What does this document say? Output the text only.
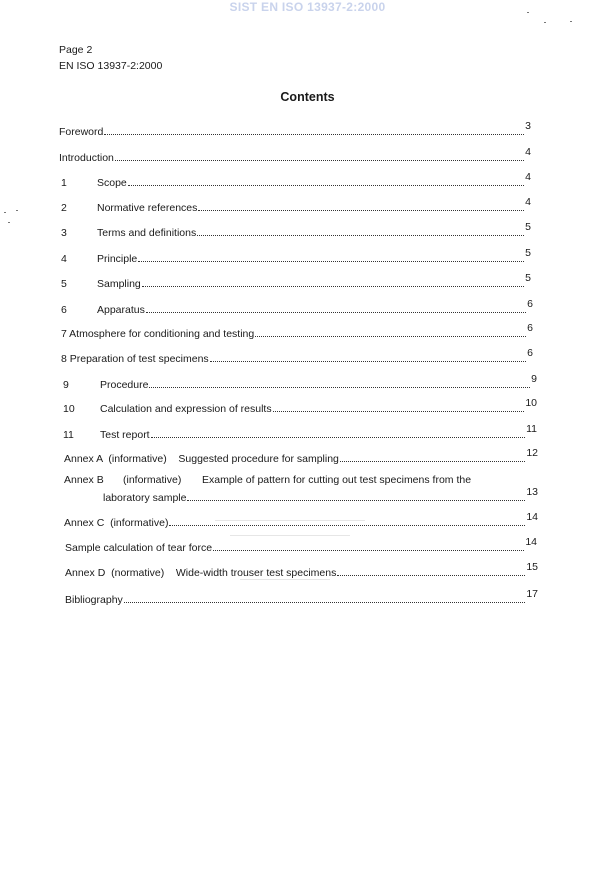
SIST EN ISO 13937-2:2000
Page 2
EN ISO 13937-2:2000
Contents
Foreword	3
Introduction	4
1	Scope	4
2	Normative references	4
3	Terms and definitions	5
4	Principle	5
5	Sampling	5
6	Apparatus	6
7 Atmosphere for conditioning and testing	6
8 Preparation of test specimens	6
9	Procedure	9
10	Calculation and expression of results	10
11	Test report	11
Annex A  (informative)    Suggested procedure for sampling	12
Annex B (informative) Example of pattern for cutting out test specimens from the
laboratory sample	13
Annex C  (informative)	14
Sample calculation of tear force	14
Annex D  (normative)    Wide-width trouser test specimens	15
Bibliography	17
